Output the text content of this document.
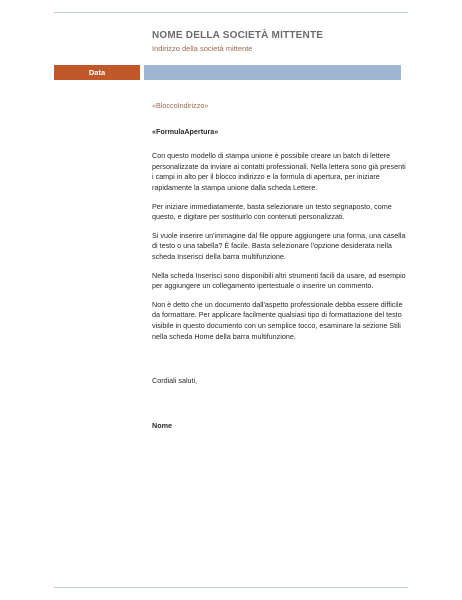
NOME DELLA SOCIETÀ MITTENTE
Indirizzo della società mittente
Data
«BloccoIndirizzo»
«FormulaApertura»
Con questo modello di stampa unione è possibile creare un batch di lettere personalizzate da inviare ai contatti professionali. Nella lettera sono già presenti i campi in alto per il blocco indirizzo e la formula di apertura, per iniziare rapidamente la stampa unione dalla scheda Lettere.
Per iniziare immediatamente, basta selezionare un testo segnaposto, come questo, e digitare per sostituirlo con contenuti personalizzati.
Si vuole inserire un'immagine dal file oppure aggiungere una forma, una casella di testo o una tabella? È facile. Basta selezionare l'opzione desiderata nella scheda Inserisci della barra multifunzione.
Nella scheda Inserisci sono disponibili altri strumenti facili da usare, ad esempio per aggiungere un collegamento ipertestuale o inserire un commento.
Non è detto che un documento dall'aspetto professionale debba essere difficile da formattare. Per applicare facilmente qualsiasi tipo di formattazione del testo visibile in questo documento con un semplice tocco, esaminare la sezione Stili nella scheda Home della barra multifunzione.
Cordiali saluti,
Nome
